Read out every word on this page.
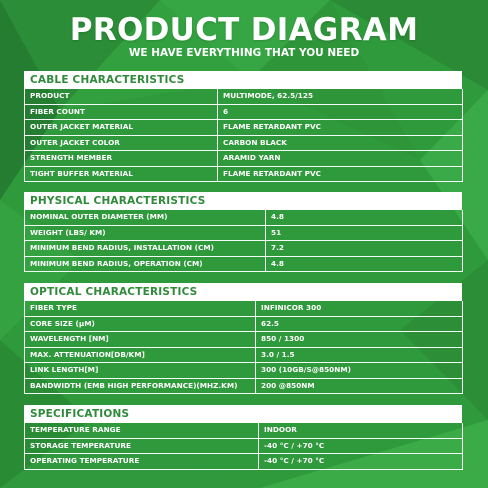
PRODUCT DIAGRAM
WE HAVE EVERYTHING THAT YOU NEED
CABLE CHARACTERISTICS
PRODUCT	MULTIMODE, 62.5/125
FIBER COUNT	6
OUTER JACKET MATERIAL	FLAME RETARDANT PVC
OUTER JACKET COLOR	CARBON BLACK
STRENGTH MEMBER	ARAMID YARN
TIGHT BUFFER MATERIAL	FLAME RETARDANT PVC
PHYSICAL CHARACTERISTICS
NOMINAL OUTER DIAMETER (MM)	4.8
WEIGHT (LBS/ KM)	51
MINIMUM BEND RADIUS, INSTALLATION (CM)	7.2
MINIMUM BEND RADIUS, OPERATION (CM)	4.8
OPTICAL CHARACTERISTICS
FIBER TYPE	INFINICOR 300
CORE SIZE (µM)	62.5
WAVELENGTH [NM]	850 / 1300
MAX. ATTENUATION[DB/KM]	3.0 / 1.5
LINK LENGTH[M]	300 (10GB/S@850NM)
BANDWIDTH (EMB HIGH PERFORMANCE)(MHZ.KM)	200 @850NM
SPECIFICATIONS
TEMPERATURE RANGE	INDOOR
STORAGE TEMPERATURE	-40 °C / +70 °C
OPERATING TEMPERATURE	-40 °C / +70 °C
